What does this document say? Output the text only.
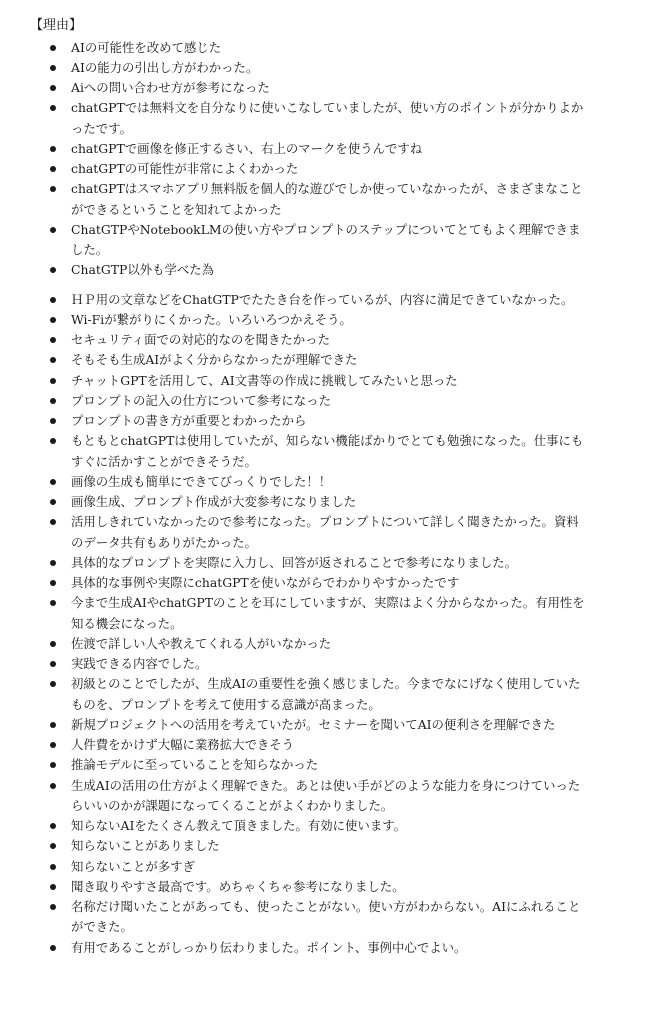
【理由】
AIの可能性を改めて感じた
AIの能力の引出し方がわかった。
Aiへの問い合わせ方が参考になった
chatGPTでは無料文を自分なりに使いこなしていましたが、使い方のポイントが分かりよかったです。
chatGPTで画像を修正するさい、右上のマークを使うんですね
chatGPTの可能性が非常によくわかった
chatGPTはスマホアプリ無料版を個人的な遊びでしか使っていなかったが、さまざまなことができるということを知れてよかった
ChatGTPやNotebookLMの使い方やプロンプトのステップについてとてもよく理解できました。
ChatGTP以外も学べた為
ＨＰ用の文章などをChatGTPでたたき台を作っているが、内容に満足できていなかった。
Wi-Fiが繋がりにくかった。いろいろつかえそう。
セキュリティ面での対応的なのを聞きたかった
そもそも生成AIがよく分からなかったが理解できた
チャットGPTを活用して、AI文書等の作成に挑戦してみたいと思った
プロンプトの記入の仕方について参考になった
プロンプトの書き方が重要とわかったから
もともとchatGPTは使用していたが、知らない機能ばかりでとても勉強になった。仕事にもすぐに活かすことができそうだ。
画像の生成も簡単にできてびっくりでした！！
画像生成、プロンプト作成が大変参考になりました
活用しきれていなかったので参考になった。プロンプトについて詳しく聞きたかった。資料のデータ共有もありがたかった。
具体的なプロンプトを実際に入力し、回答が返されることで参考になりました。
具体的な事例や実際にchatGPTを使いながらでわかりやすかったです
今まで生成AIやchatGPTのことを耳にしていますが、実際はよく分からなかった。有用性を知る機会になった。
佐渡で詳しい人や教えてくれる人がいなかった
実践できる内容でした。
初級とのことでしたが、生成AIの重要性を強く感じました。今までなにげなく使用していたものを、プロンプトを考えて使用する意識が高まった。
新規プロジェクトへの活用を考えていたが。セミナーを聞いてAIの便利さを理解できた
人件費をかけず大幅に業務拡大できそう
推論モデルに至っていることを知らなかった
生成AIの活用の仕方がよく理解できた。あとは使い手がどのような能力を身につけていったらいいのかが課題になってくることがよくわかりました。
知らないAIをたくさん教えて頂きました。有効に使います。
知らないことがありました
知らないことが多すぎ
聞き取りやすさ最高です。めちゃくちゃ参考になりました。
名称だけ聞いたことがあっても、使ったことがない。使い方がわからない。AIにふれることができた。
有用であることがしっかり伝わりました。ポイント、事例中心でよい。
